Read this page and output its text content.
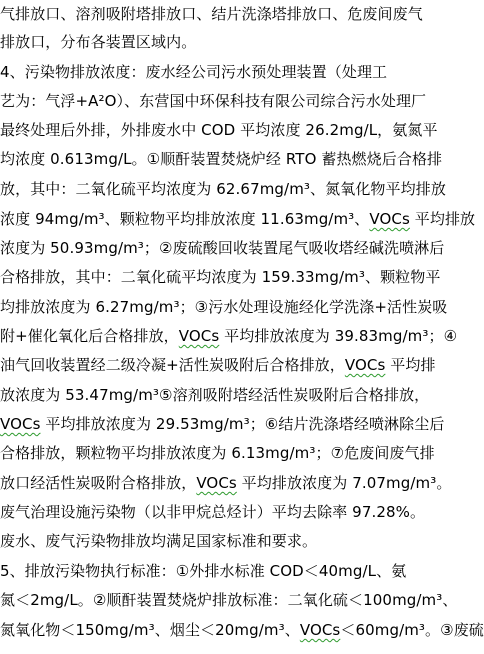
气排放口、溶剂吸附塔排放口、结片洗涤塔排放口、危废间废气
排放口，分布各装置区域内。
4、污染物排放浓度：废水经公司污水预处理装置（处理工
艺为：气浮+A²O）、东营国中环保科技有限公司综合污水处理厂
最终处理后外排，外排废水中 COD 平均浓度 26.2mg/L，氨氮平
均浓度 0.613mg/L。①顺酐装置焚烧炉经 RTO 蓄热燃烧后合格排
放，其中：二氧化硫平均浓度为 62.67mg/m³、氮氧化物平均排放
浓度 94mg/m³、颗粒物平均排放浓度 11.63mg/m³、VOCs 平均排放
浓度为 50.93mg/m³；②废硫酸回收装置尾气吸收塔经碱洗喷淋后
合格排放，其中：二氧化硫平均浓度为 159.33mg/m³、颗粒物平
均排放浓度为 6.27mg/m³；③污水处理设施经化学洗涤+活性炭吸
附+催化氧化后合格排放，VOCs 平均排放浓度为 39.83mg/m³；④
油气回收装置经二级冷凝+活性炭吸附后合格排放，VOCs 平均排
放浓度为 53.47mg/m³⑤溶剂吸附塔经活性炭吸附后合格排放，
VOCs 平均排放浓度为 29.53mg/m³；⑥结片洗涤塔经喷淋除尘后
合格排放，颗粒物平均排放浓度为 6.13mg/m³；⑦危废间废气排
放口经活性炭吸附合格排放，VOCs 平均排放浓度为 7.07mg/m³。
废气治理设施污染物（以非甲烷总烃计）平均去除率 97.28%。
废水、废气污染物排放均满足国家标准和要求。
5、排放污染物执行标准：①外排水标准 COD＜40mg/L、氨
氮＜2mg/L。②顺酐装置焚烧炉排放标准：二氧化硫＜100mg/m³、
氮氧化物＜150mg/m³、烟尘＜20mg/m³、VOCs＜60mg/m³。③废硫
